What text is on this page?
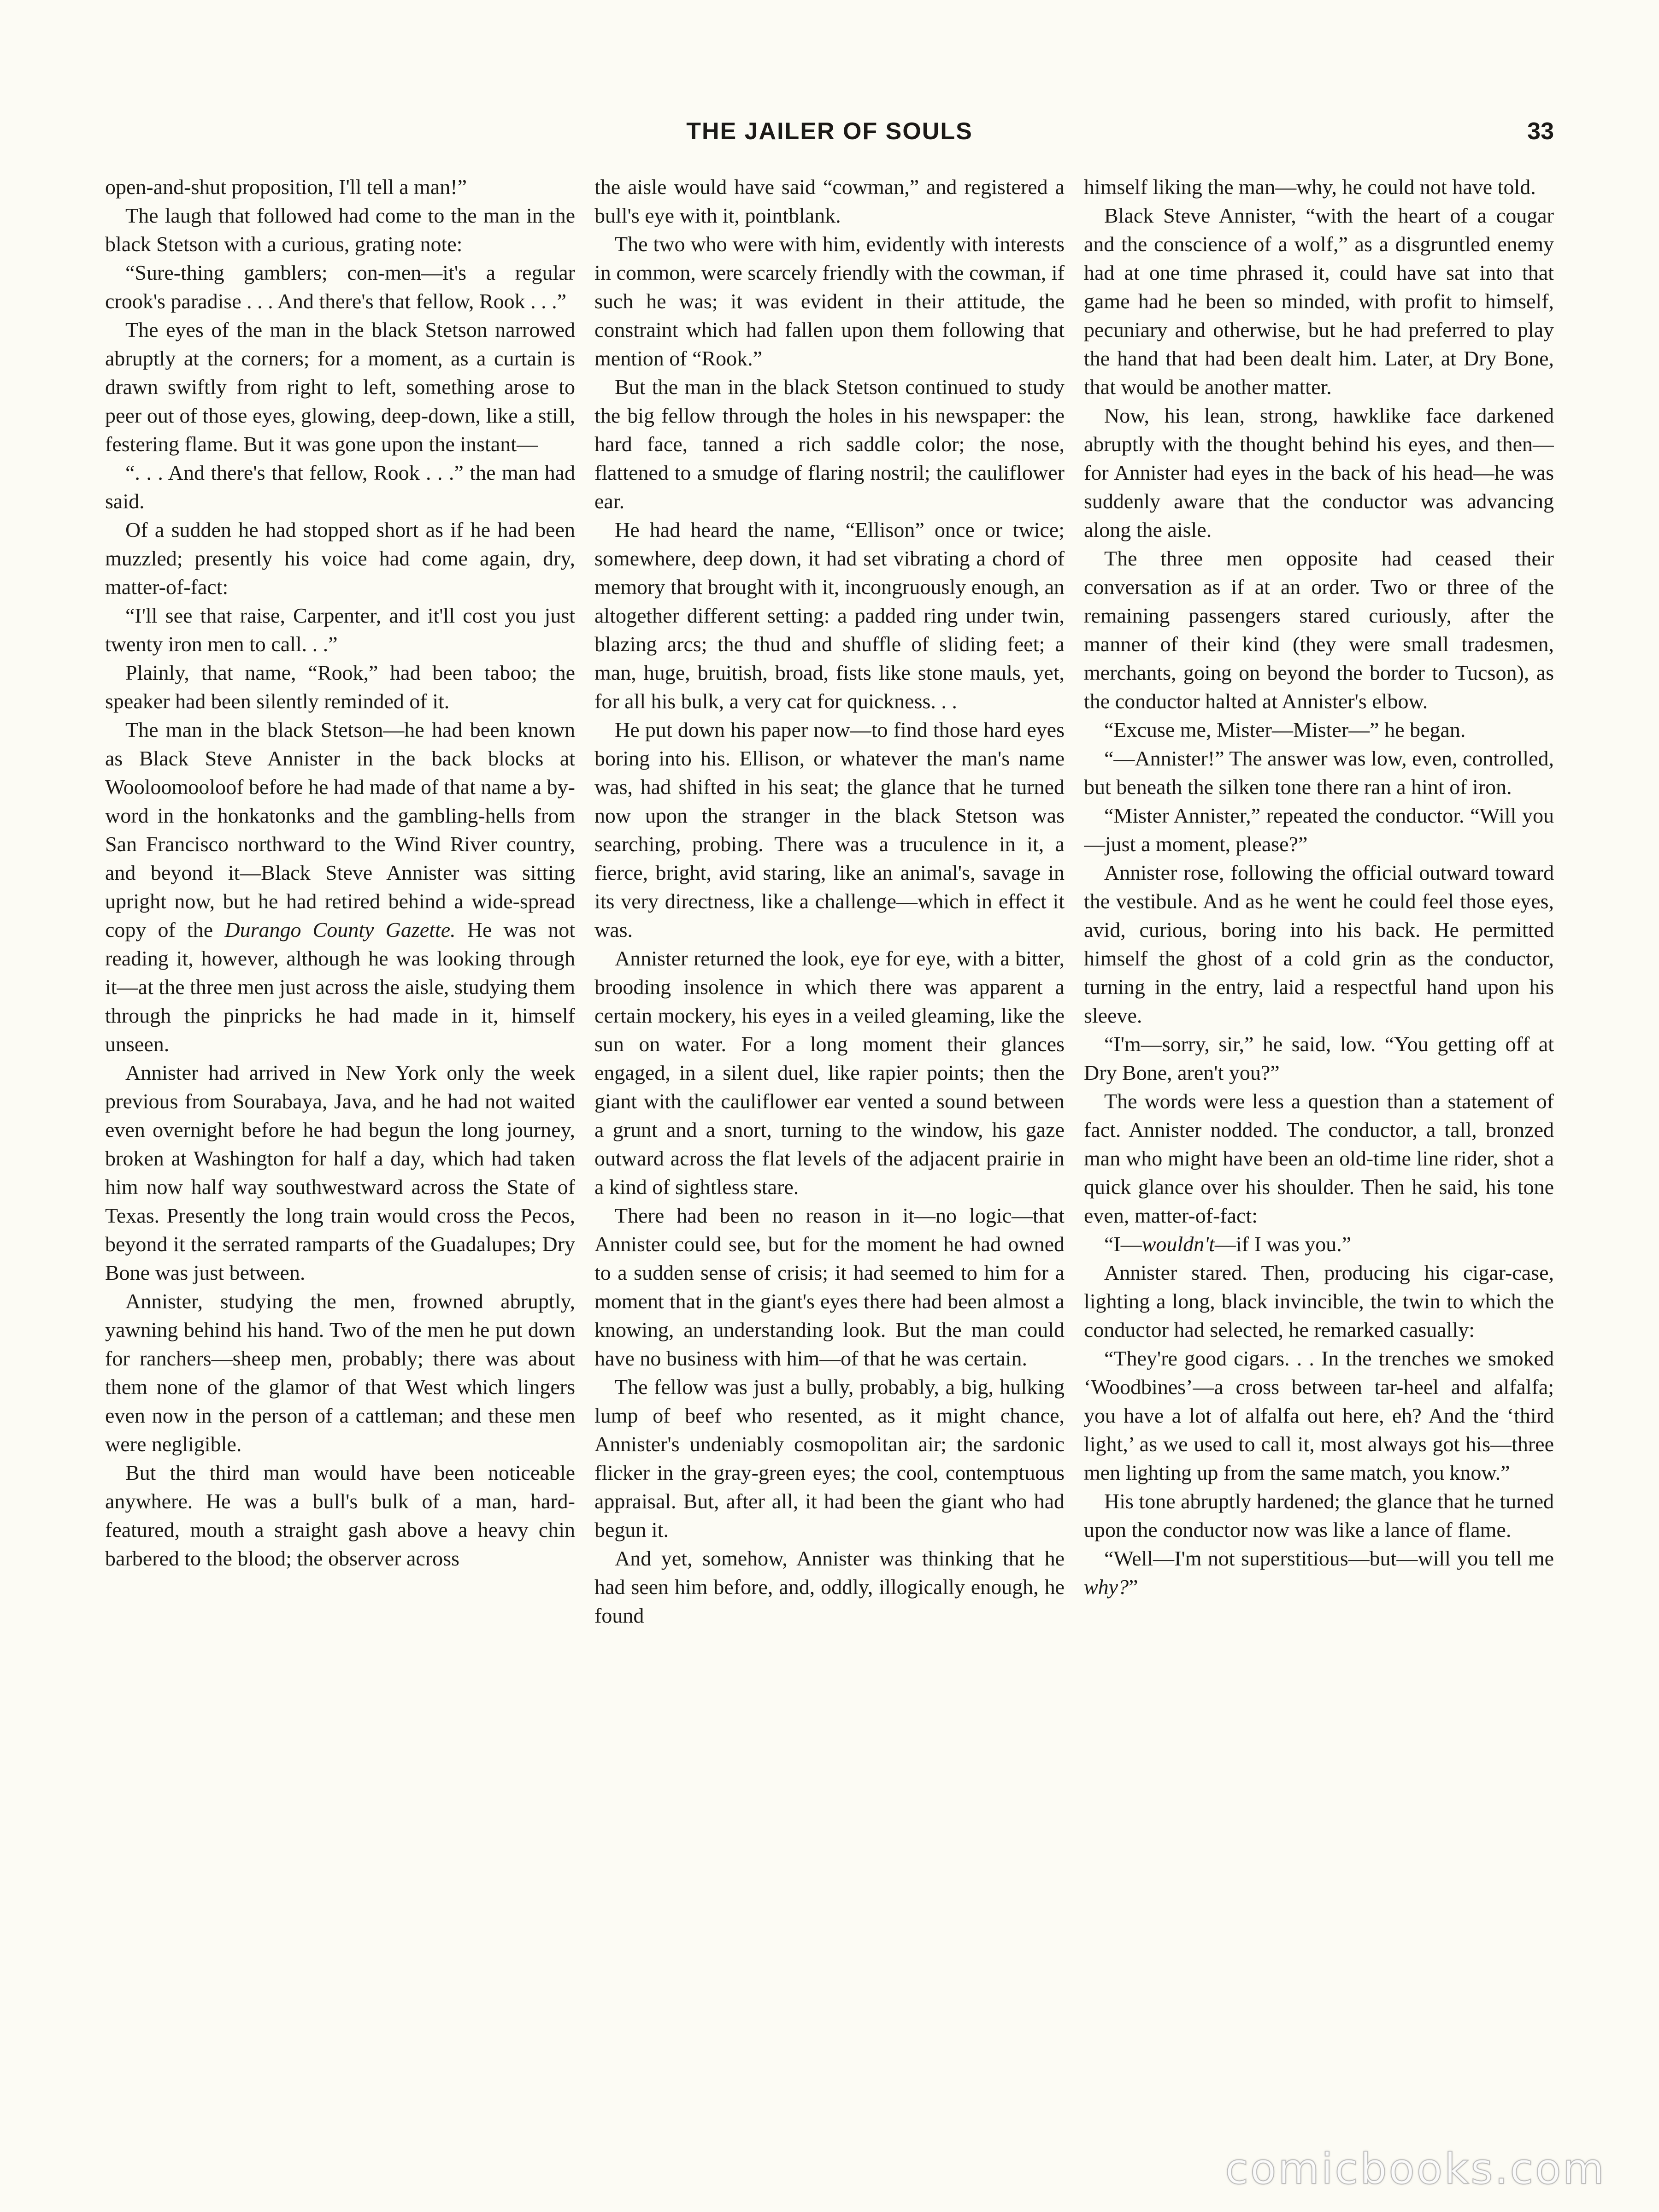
THE JAILER OF SOULS	33

open-and-shut proposition, I'll tell a man!”

The laugh that followed had come to the man in the black Stetson with a curious, grating note:

“Sure-thing gamblers; con-men—it's a regular crook's paradise . . . And there's that fellow, Rook . . .”

The eyes of the man in the black Stetson narrowed abruptly at the corners; for a moment, as a curtain is drawn swiftly from right to left, something arose to peer out of those eyes, glowing, deep-down, like a still, festering flame. But it was gone upon the instant—

“. . . And there's that fellow, Rook . . .” the man had said.

Of a sudden he had stopped short as if he had been muzzled; presently his voice had come again, dry, matter-of-fact:

“I'll see that raise, Carpenter, and it'll cost you just twenty iron men to call. . .”

Plainly, that name, “Rook,” had been taboo; the speaker had been silently reminded of it.

The man in the black Stetson—he had been known as Black Steve Annister in the back blocks at Wooloomooloof before he had made of that name a by-word in the honkatonks and the gambling-hells from San Francisco northward to the Wind River country, and beyond it—Black Steve Annister was sitting upright now, but he had retired behind a wide-spread copy of the Durango County Gazette. He was not reading it, however, although he was looking through it—at the three men just across the aisle, studying them through the pinpricks he had made in it, himself unseen.

Annister had arrived in New York only the week previous from Sourabaya, Java, and he had not waited even overnight before he had begun the long journey, broken at Washington for half a day, which had taken him now half way southwestward across the State of Texas. Presently the long train would cross the Pecos, beyond it the serrated ramparts of the Guadalupes; Dry Bone was just between.

Annister, studying the men, frowned abruptly, yawning behind his hand. Two of the men he put down for ranchers—sheep men, probably; there was about them none of the glamor of that West which lingers even now in the person of a cattleman; and these men were negligible.

But the third man would have been noticeable anywhere. He was a bull's bulk of a man, hard-featured, mouth a straight gash above a heavy chin barbered to the blood; the observer across

the aisle would have said “cowman,” and registered a bull's eye with it, pointblank.

The two who were with him, evidently with interests in common, were scarcely friendly with the cowman, if such he was; it was evident in their attitude, the constraint which had fallen upon them following that mention of “Rook.”

But the man in the black Stetson continued to study the big fellow through the holes in his newspaper: the hard face, tanned a rich saddle color; the nose, flattened to a smudge of flaring nostril; the cauliflower ear.

He had heard the name, “Ellison” once or twice; somewhere, deep down, it had set vibrating a chord of memory that brought with it, incongruously enough, an altogether different setting: a padded ring under twin, blazing arcs; the thud and shuffle of sliding feet; a man, huge, bruitish, broad, fists like stone mauls, yet, for all his bulk, a very cat for quickness. . .

He put down his paper now—to find those hard eyes boring into his. Ellison, or whatever the man's name was, had shifted in his seat; the glance that he turned now upon the stranger in the black Stetson was searching, probing. There was a truculence in it, a fierce, bright, avid staring, like an animal's, savage in its very directness, like a challenge—which in effect it was.

Annister returned the look, eye for eye, with a bitter, brooding insolence in which there was apparent a certain mockery, his eyes in a veiled gleaming, like the sun on water. For a long moment their glances engaged, in a silent duel, like rapier points; then the giant with the cauliflower ear vented a sound between a grunt and a snort, turning to the window, his gaze outward across the flat levels of the adjacent prairie in a kind of sightless stare.

There had been no reason in it—no logic—that Annister could see, but for the moment he had owned to a sudden sense of crisis; it had seemed to him for a moment that in the giant's eyes there had been almost a knowing, an understanding look. But the man could have no business with him—of that he was certain.

The fellow was just a bully, probably, a big, hulking lump of beef who resented, as it might chance, Annister's undeniably cosmopolitan air; the sardonic flicker in the gray-green eyes; the cool, contemptuous appraisal. But, after all, it had been the giant who had begun it.

And yet, somehow, Annister was thinking that he had seen him before, and, oddly, illogically enough, he found

himself liking the man—why, he could not have told.

Black Steve Annister, “with the heart of a cougar and the conscience of a wolf,” as a disgruntled enemy had at one time phrased it, could have sat into that game had he been so minded, with profit to himself, pecuniary and otherwise, but he had preferred to play the hand that had been dealt him. Later, at Dry Bone, that would be another matter.

Now, his lean, strong, hawklike face darkened abruptly with the thought behind his eyes, and then—for Annister had eyes in the back of his head—he was suddenly aware that the conductor was advancing along the aisle.

The three men opposite had ceased their conversation as if at an order. Two or three of the remaining passengers stared curiously, after the manner of their kind (they were small tradesmen, merchants, going on beyond the border to Tucson), as the conductor halted at Annister's elbow.

“Excuse me, Mister—Mister—” he began.

“—Annister!” The answer was low, even, controlled, but beneath the silken tone there ran a hint of iron.

“Mister Annister,” repeated the conductor. “Will you—just a moment, please?”

Annister rose, following the official outward toward the vestibule. And as he went he could feel those eyes, avid, curious, boring into his back. He permitted himself the ghost of a cold grin as the conductor, turning in the entry, laid a respectful hand upon his sleeve.

“I'm—sorry, sir,” he said, low. “You getting off at Dry Bone, aren't you?”

The words were less a question than a statement of fact. Annister nodded. The conductor, a tall, bronzed man who might have been an old-time line rider, shot a quick glance over his shoulder. Then he said, his tone even, matter-of-fact:

“I—wouldn't—if I was you.”

Annister stared. Then, producing his cigar-case, lighting a long, black invincible, the twin to which the conductor had selected, he remarked casually:

“They're good cigars. . . In the trenches we smoked ‘Woodbines’—a cross between tar-heel and alfalfa; you have a lot of alfalfa out here, eh? And the ‘third light,’ as we used to call it, most always got his—three men lighting up from the same match, you know.”

His tone abruptly hardened; the glance that he turned upon the conductor now was like a lance of flame.

“Well—I'm not superstitious—but—will you tell me why?”

comicbooks.com
